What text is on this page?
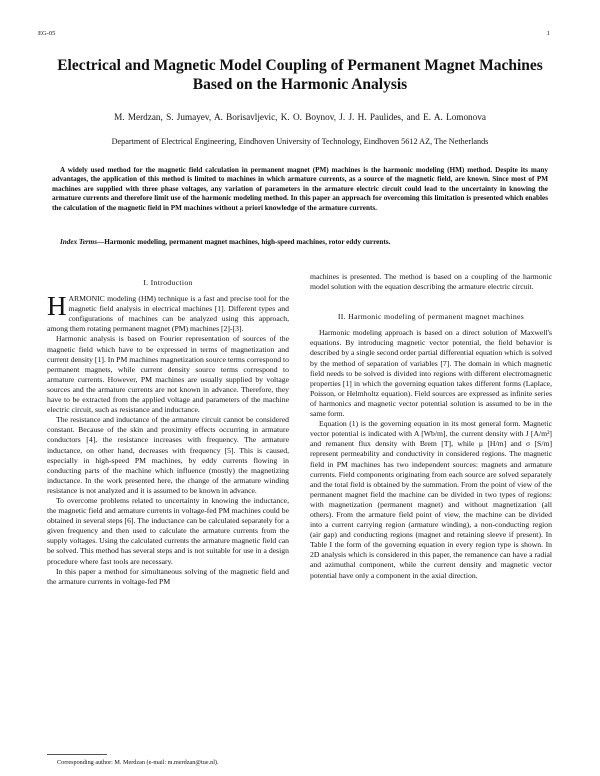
EG-05	1
Electrical and Magnetic Model Coupling of Permanent Magnet Machines Based on the Harmonic Analysis
M. Merdzan, S. Jumayev, A. Borisavljevic, K. O. Boynov, J. J. H. Paulides, and E. A. Lomonova
Department of Electrical Engineering, Eindhoven University of Technology, Eindhoven 5612 AZ, The Netherlands
A widely used method for the magnetic field calculation in permanent magnet (PM) machines is the harmonic modeling (HM) method. Despite its many advantages, the application of this method is limited to machines in which armature currents, as a source of the magnetic field, are known. Since most of PM machines are supplied with three phase voltages, any variation of parameters in the armature electric circuit could lead to the uncertainty in knowing the armature currents and therefore limit use of the harmonic modeling method. In this paper an approach for overcoming this limitation is presented which enables the calculation of the magnetic field in PM machines without a priori knowledge of the armature currents.
Index Terms—Harmonic modeling, permanent magnet machines, high-speed machines, rotor eddy currents.
I. Introduction

HARMONIC modeling (HM) technique is a fast and precise tool for the magnetic field analysis in electrical machines [1]. Different types and configurations of machines can be analyzed using this approach, among them rotating permanent magnet (PM) machines [2]-[3].

Harmonic analysis is based on Fourier representation of sources of the magnetic field which have to be expressed in terms of magnetization and current density [1]. In PM machines magnetization source terms correspond to permanent magnets, while current density source terms correspond to armature currents. However, PM machines are usually supplied by voltage sources and the armature currents are not known in advance. Therefore, they have to be extracted from the applied voltage and parameters of the machine electric circuit, such as resistance and inductance.

The resistance and inductance of the armature circuit cannot be considered constant. Because of the skin and proximity effects occurring in armature conductors [4], the resistance increases with frequency. The armature inductance, on other hand, decreases with frequency [5]. This is caused, especially in high-speed PM machines, by eddy currents flowing in conducting parts of the machine which influence (mostly) the magnetizing inductance. In the work presented here, the change of the armature winding resistance is not analyzed and it is assumed to be known in advance.

To overcome problems related to uncertainty in knowing the inductance, the magnetic field and armature currents in voltage-fed PM machines could be obtained in several steps [6]. The inductance can be calculated separately for a given frequency and then used to calculate the armature currents from the supply voltages. Using the calculated currents the armature magnetic field can be solved. This method has several steps and is not suitable for use in a design procedure where fast tools are necessary.

In this paper a method for simultaneous solving of the magnetic field and the armature currents in voltage-fed PM

machines is presented. The method is based on a coupling of the harmonic model solution with the equation describing the armature electric circuit.

II. Harmonic modeling of permanent magnet machines

Harmonic modeling approach is based on a direct solution of Maxwell's equations. By introducing magnetic vector potential, the field behavior is described by a single second order partial differential equation which is solved by the method of separation of variables [7]. The domain in which magnetic field needs to be solved is divided into regions with different electromagnetic properties [1] in which the governing equation takes different forms (Laplace, Poisson, or Helmholtz equation). Field sources are expressed as infinite series of harmonics and magnetic vector potential solution is assumed to be in the same form.

Equation (1) is the governing equation in its most general form. Magnetic vector potential is indicated with A [Wb/m], the current density with J [A/m²] and remanent flux density with Brem [T], while μ [H/m] and σ [S/m] represent permeability and conductivity in considered regions. The magnetic field in PM machines has two independent sources: magnets and armature currents. Field components originating from each source are solved separately and the total field is obtained by the summation. From the point of view of the permanent magnet field the machine can be divided in two types of regions: with magnetization (permanent magnet) and without magnetization (all others). From the armature field point of view, the machine can be divided into a current carrying region (armature winding), a non-conducting region (air gap) and conducting regions (magnet and retaining sleeve if present). In Table I the form of the governing equation in every region type is shown. In 2D analysis which is considered in this paper, the remanence can have a radial and azimuthal component, while the current density and magnetic vector potential have only a component in the axial direction.

Corresponding author: M. Merdzan (e-mail: m.merdzan@tue.nl).
